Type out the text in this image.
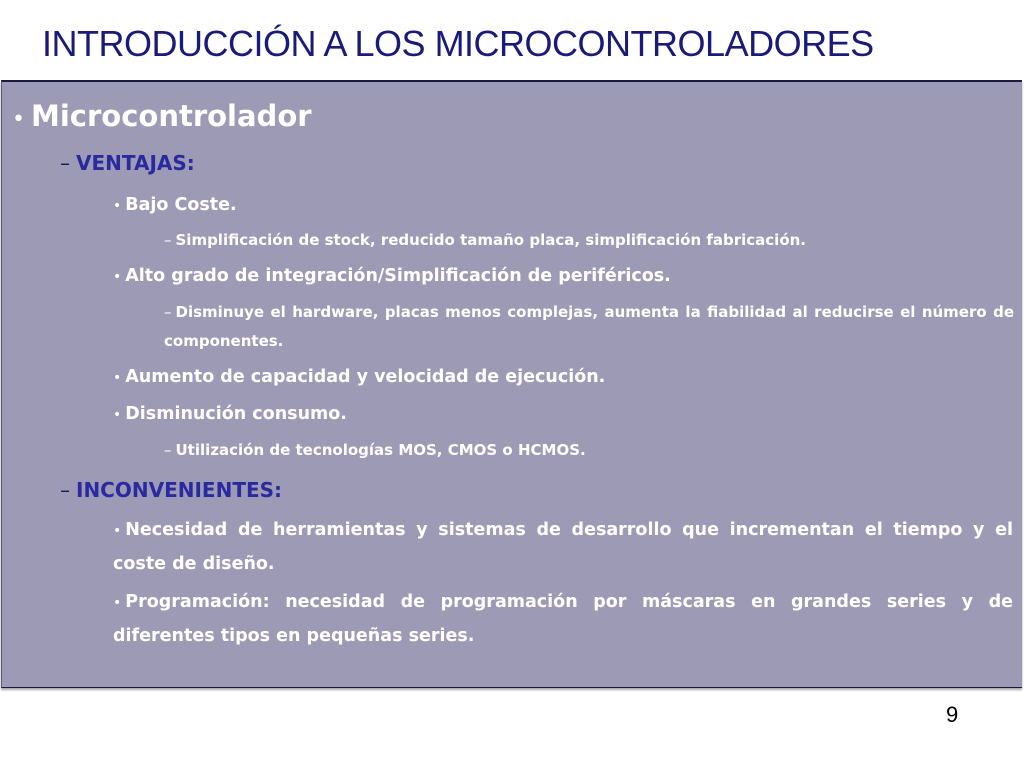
INTRODUCCIÓN A LOS MICROCONTROLADORES

• Microcontrolador

– VENTAJAS:

• Bajo Coste.

– Simplificación de stock, reducido tamaño placa, simplificación fabricación.

• Alto grado de integración/Simplificación de periféricos.

– Disminuye el hardware, placas menos complejas, aumenta la fiabilidad al reducirse el número de componentes.

• Aumento de capacidad y velocidad de ejecución.

• Disminución consumo.

– Utilización de tecnologías MOS, CMOS o HCMOS.

– INCONVENIENTES:

• Necesidad de herramientas y sistemas de desarrollo que incrementan el tiempo y el coste de diseño.

• Programación: necesidad de programación por máscaras en grandes series y de diferentes tipos en pequeñas series.

9
